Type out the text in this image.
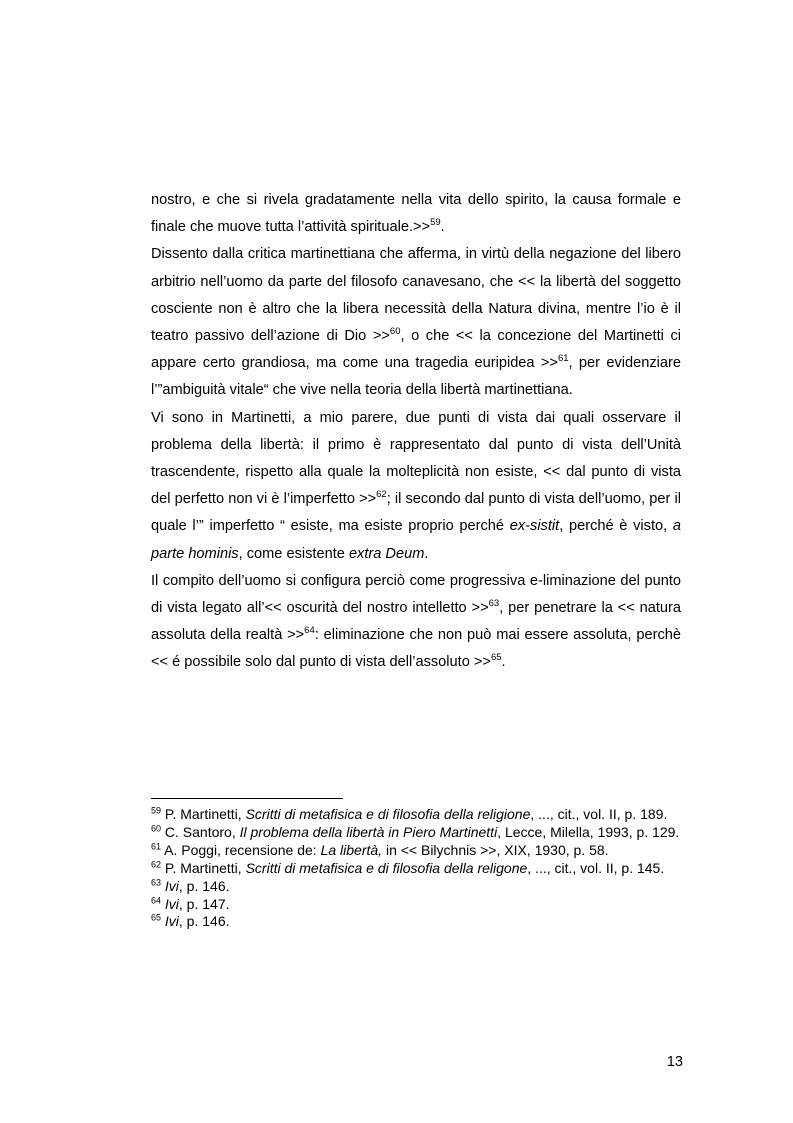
nostro, e che si rivela gradatamente nella vita dello spirito, la causa formale e finale che muove tutta l’attività spirituale.>>$^{59}$.

Dissento dalla critica martinettiana che afferma, in virtù della negazione del libero arbitrio nell’uomo da parte del filosofo canavesano, che << la libertà del soggetto cosciente non è altro che la libera necessità della Natura divina, mentre l’io è il teatro passivo dell’azione di Dio >>$^{60}$, o che << la concezione del Martinetti ci appare certo grandiosa, ma come una tragedia euripidea >>$^{61}$, per evidenziare l’”ambiguità vitale“ che vive nella teoria della libertà martinettiana.

Vi sono in Martinetti, a mio parere, due punti di vista dai quali osservare il problema della libertà: il primo è rappresentato dal punto di vista dell’Unità trascendente, rispetto alla quale la molteplicità non esiste, << dal punto di vista del perfetto non vi è l’imperfetto >>$^{62}$; il secondo dal punto di vista dell’uomo, per il quale l’” imperfetto “ esiste, ma esiste proprio perché ex-sistit, perché è visto, a parte hominis, come esistente extra Deum.

Il compito dell’uomo si configura perciò come progressiva e-liminazione del punto di vista legato all’<< oscurità del nostro intelletto >>$^{63}$, per penetrare la << natura assoluta della realtà >>$^{64}$: eliminazione che non può mai essere assoluta, perchè << é possibile solo dal punto di vista dell’assoluto >>$^{65}$.

$^{59}$ P. Martinetti, Scritti di metafisica e di filosofia della religione, ..., cit., vol. II, p. 189.
$^{60}$ C. Santoro, Il problema della libertà in Piero Martinetti, Lecce, Milella, 1993, p. 129.
$^{61}$ A. Poggi, recensione de: La libertà, in << Bilychnis >>, XIX, 1930, p. 58.
$^{62}$ P. Martinetti, Scritti di metafisica e di filosofia della religone, ..., cit., vol. II, p. 145.
$^{63}$ Ivi, p. 146.
$^{64}$ Ivi, p. 147.
$^{65}$ Ivi, p. 146.
13
